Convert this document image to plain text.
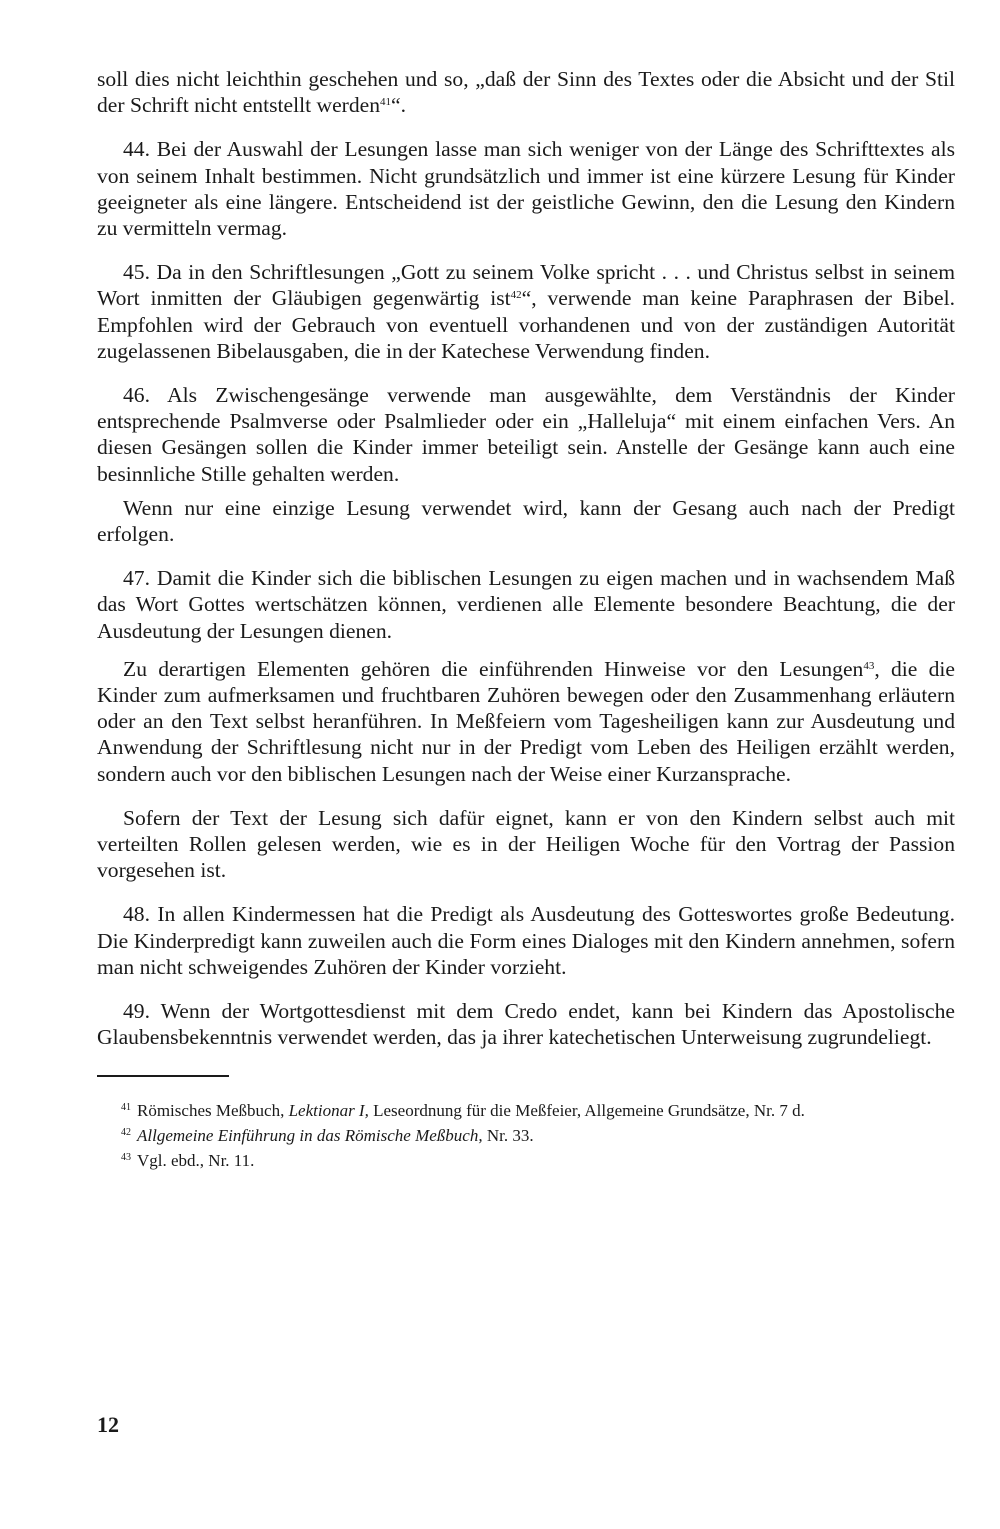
soll dies nicht leichthin geschehen und so, „daß der Sinn des Textes oder die Absicht und der Stil der Schrift nicht entstellt werden$^{41}$“.

44. Bei der Auswahl der Lesungen lasse man sich weniger von der Länge des Schrifttextes als von seinem Inhalt bestimmen. Nicht grundsätzlich und immer ist eine kürzere Lesung für Kinder geeigneter als eine längere. Entscheidend ist der geistliche Gewinn, den die Lesung den Kindern zu vermitteln vermag.

45. Da in den Schriftlesungen „Gott zu seinem Volke spricht . . . und Christus selbst in seinem Wort inmitten der Gläubigen gegenwärtig ist$^{42}$“, verwende man keine Paraphrasen der Bibel. Empfohlen wird der Gebrauch von eventuell vorhandenen und von der zuständigen Autorität zugelassenen Bibelausgaben, die in der Katechese Verwendung finden.

46. Als Zwischengesänge verwende man ausgewählte, dem Verständnis der Kinder entsprechende Psalmverse oder Psalmlieder oder ein „Halleluja“ mit einem einfachen Vers. An diesen Gesängen sollen die Kinder immer beteiligt sein. Anstelle der Gesänge kann auch eine besinnliche Stille gehalten werden.

Wenn nur eine einzige Lesung verwendet wird, kann der Gesang auch nach der Predigt erfolgen.

47. Damit die Kinder sich die biblischen Lesungen zu eigen machen und in wachsendem Maß das Wort Gottes wertschätzen können, verdienen alle Elemente besondere Beachtung, die der Ausdeutung der Lesungen dienen.

Zu derartigen Elementen gehören die einführenden Hinweise vor den Lesungen$^{43}$, die die Kinder zum aufmerksamen und fruchtbaren Zuhören bewegen oder den Zusammenhang erläutern oder an den Text selbst heranführen. In Meßfeiern vom Tagesheiligen kann zur Ausdeutung und Anwendung der Schriftlesung nicht nur in der Predigt vom Leben des Heiligen erzählt werden, sondern auch vor den biblischen Lesungen nach der Weise einer Kurzansprache.

Sofern der Text der Lesung sich dafür eignet, kann er von den Kindern selbst auch mit verteilten Rollen gelesen werden, wie es in der Heiligen Woche für den Vortrag der Passion vorgesehen ist.

48. In allen Kindermessen hat die Predigt als Ausdeutung des Gotteswortes große Bedeutung. Die Kinderpredigt kann zuweilen auch die Form eines Dialoges mit den Kindern annehmen, sofern man nicht schweigendes Zuhören der Kinder vorzieht.

49. Wenn der Wortgottesdienst mit dem Credo endet, kann bei Kindern das Apostolische Glaubensbekenntnis verwendet werden, das ja ihrer katechetischen Unterweisung zugrundeliegt.

$^{41}$ Römisches Meßbuch, Lektionar I, Leseordnung für die Meßfeier, Allgemeine Grundsätze, Nr. 7 d.

$^{42}$ Allgemeine Einführung in das Römische Meßbuch, Nr. 33.

$^{43}$ Vgl. ebd., Nr. 11.

12
